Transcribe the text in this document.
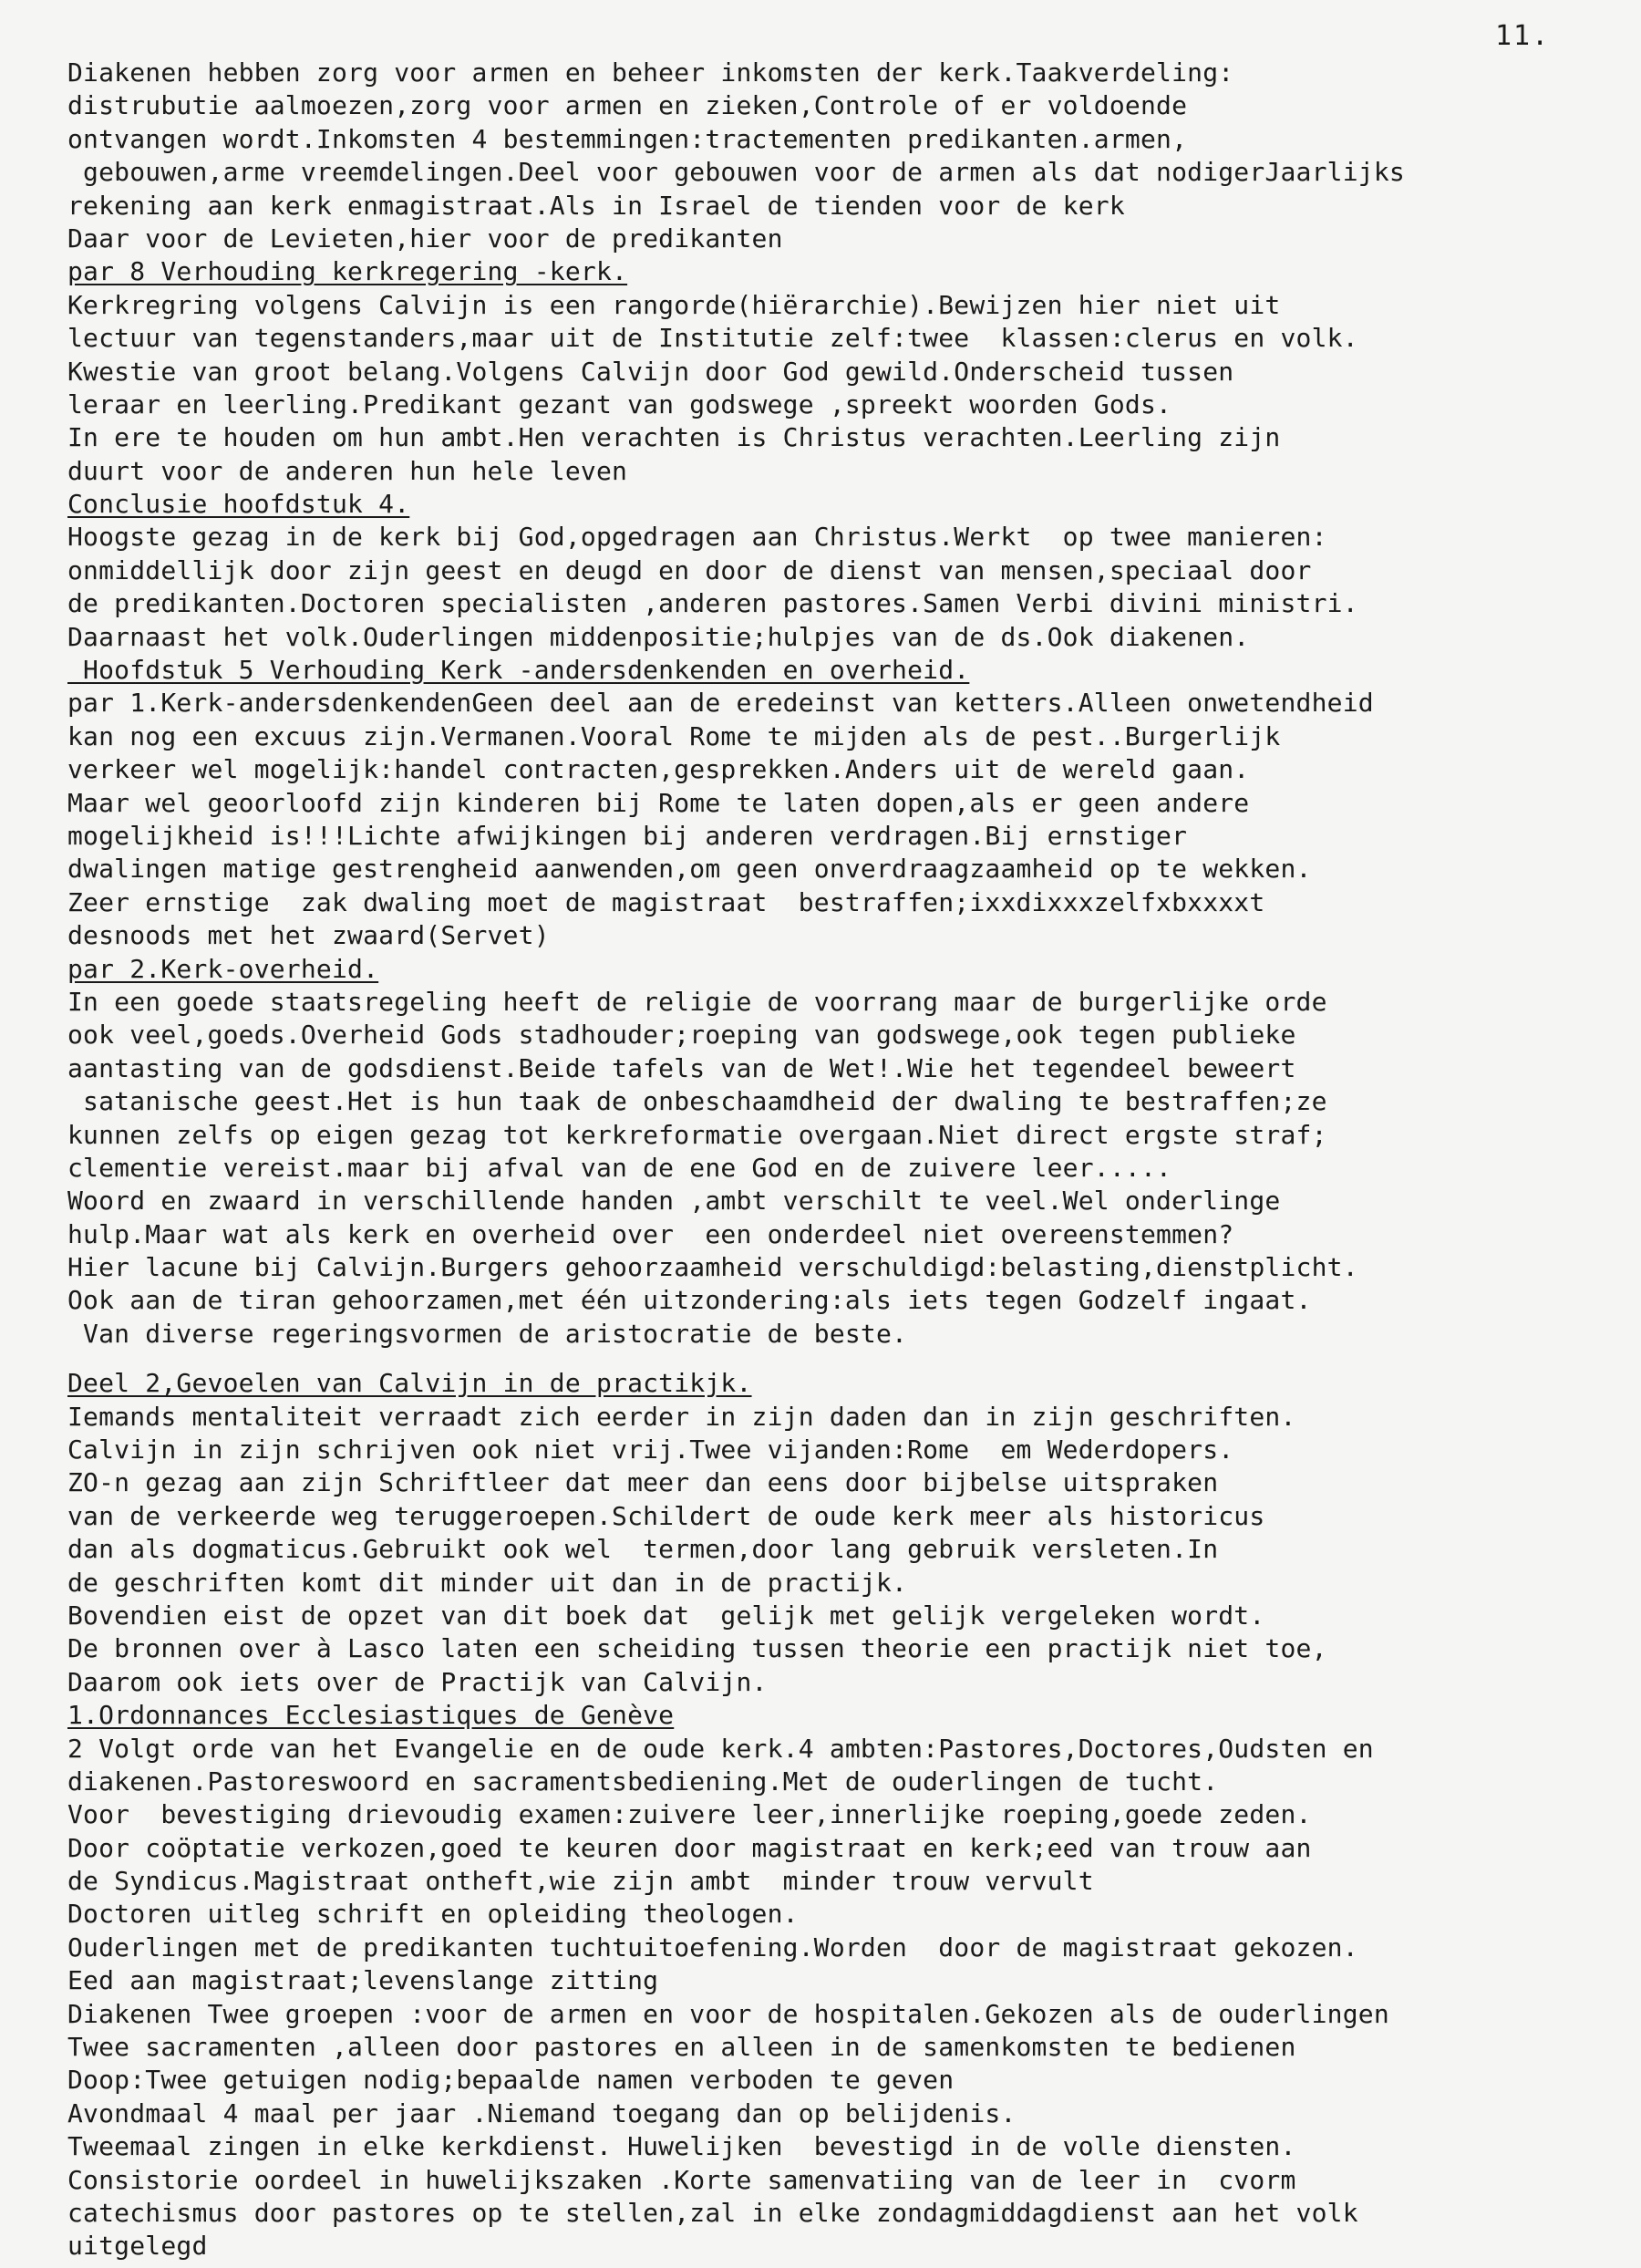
11.
Diakenen hebben zorg voor armen en beheer inkomsten der kerk.Taakverdeling:
distrubutie aalmoezen,zorg voor armen en zieken,Controle of er voldoende
ontvangen wordt.Inkomsten 4 bestemmingen:tractementen predikanten.armen,
gebouwen,arme vreemdelingen.Deel voor gebouwen voor de armen als dat nodigerJaarlijks
rekening aan kerk enmagistraat.Als in Israel de tienden voor de kerk
Daar voor de Levieten,hier voor de predikanten
par 8 Verhouding kerkregering -kerk.
Kerkregring volgens Calvijn is een rangorde(hiërarchie).Bewijzen hier niet uit
lectuur van tegenstanders,maar uit de Institutie zelf:twee  klassen:clerus en volk.
Kwestie van groot belang.Volgens Calvijn door God gewild.Onderscheid tussen
leraar en leerling.Predikant gezant van godswege ,spreekt woorden Gods.
In ere te houden om hun ambt.Hen verachten is Christus verachten.Leerling zijn
duurt voor de anderen hun hele leven
Conclusie hoofdstuk 4.
Hoogste gezag in de kerk bij God,opgedragen aan Christus.Werkt  op twee manieren:
onmiddellijk door zijn geest en deugd en door de dienst van mensen,speciaal door
de predikanten.Doctoren specialisten ,anderen pastores.Samen Verbi divini ministri.
Daarnaast het volk.Ouderlingen middenpositie;hulpjes van de ds.Ook diakenen.
Hoofdstuk 5 Verhouding Kerk -andersdenkenden en overheid.
par 1.Kerk-andersdenkendenGeen deel aan de eredeinst van ketters.Alleen onwetendheid
kan nog een excuus zijn.Vermanen.Vooral Rome te mijden als de pest..Burgerlijk
verkeer wel mogelijk:handel contracten,gesprekken.Anders uit de wereld gaan.
Maar wel geoorloofd zijn kinderen bij Rome te laten dopen,als er geen andere
mogelijkheid is!!!Lichte afwijkingen bij anderen verdragen.Bij ernstiger
dwalingen matige gestrengheid aanwenden,om geen onverdraagzaamheid op te wekken.
Zeer ernstige  zak dwaling moet de magistraat  bestraffen;ixxdixxxzelfxbxxxxt
desnoods met het zwaard(Servet)
par 2.Kerk-overheid.
In een goede staatsregeling heeft de religie de voorrang maar de burgerlijke orde
ook veel,goeds.Overheid Gods stadhouder;roeping van godswege,ook tegen publieke
aantasting van de godsdienst.Beide tafels van de Wet!.Wie het tegendeel beweert
satanische geest.Het is hun taak de onbeschaamdheid der dwaling te bestraffen;ze
kunnen zelfs op eigen gezag tot kerkreformatie overgaan.Niet direct ergste straf;
clementie vereist.maar bij afval van de ene God en de zuivere leer.....
Woord en zwaard in verschillende handen ,ambt verschilt te veel.Wel onderlinge
hulp.Maar wat als kerk en overheid over  een onderdeel niet overeenstemmen?
Hier lacune bij Calvijn.Burgers gehoorzaamheid verschuldigd:belasting,dienstplicht.
Ook aan de tiran gehoorzamen,met één uitzondering:als iets tegen Godzelf ingaat.
Van diverse regeringsvormen de aristocratie de beste.
Deel 2,Gevoelen van Calvijn in de practikjk.
Iemands mentaliteit verraadt zich eerder in zijn daden dan in zijn geschriften.
Calvijn in zijn schrijven ook niet vrij.Twee vijanden:Rome  em Wederdopers.
ZO-n gezag aan zijn Schriftleer dat meer dan eens door bijbelse uitspraken
van de verkeerde weg teruggeroepen.Schildert de oude kerk meer als historicus
dan als dogmaticus.Gebruikt ook wel  termen,door lang gebruik versleten.In
de geschriften komt dit minder uit dan in de practijk.
Bovendien eist de opzet van dit boek dat  gelijk met gelijk vergeleken wordt.
De bronnen over à Lasco laten een scheiding tussen theorie een practijk niet toe,
Daarom ook iets over de Practijk van Calvijn.
1.Ordonnances Ecclesiastiques de Genève
2 Volgt orde van het Evangelie en de oude kerk.4 ambten:Pastores,Doctores,Oudsten en
diakenen.Pastoreswoord en sacramentsbediening.Met de ouderlingen de tucht.
Voor  bevestiging drievoudig examen:zuivere leer,innerlijke roeping,goede zeden.
Door coöptatie verkozen,goed te keuren door magistraat en kerk;eed van trouw aan
de Syndicus.Magistraat ontheft,wie zijn ambt  minder trouw vervult
Doctoren uitleg schrift en opleiding theologen.
Ouderlingen met de predikanten tuchtuitoefening.Worden  door de magistraat gekozen.
Eed aan magistraat;levenslange zitting
Diakenen Twee groepen :voor de armen en voor de hospitalen.Gekozen als de ouderlingen
Twee sacramenten ,alleen door pastores en alleen in de samenkomsten te bedienen
Doop:Twee getuigen nodig;bepaalde namen verboden te geven
Avondmaal 4 maal per jaar .Niemand toegang dan op belijdenis.
Tweemaal zingen in elke kerkdienst. Huwelijken  bevestigd in de volle diensten.
Consistorie oordeel in huwelijkszaken .Korte samenvatiing van de leer in  cvorm
catechismus door pastores op te stellen,zal in elke zondagmiddagdienst aan het volk
uitgelegd
